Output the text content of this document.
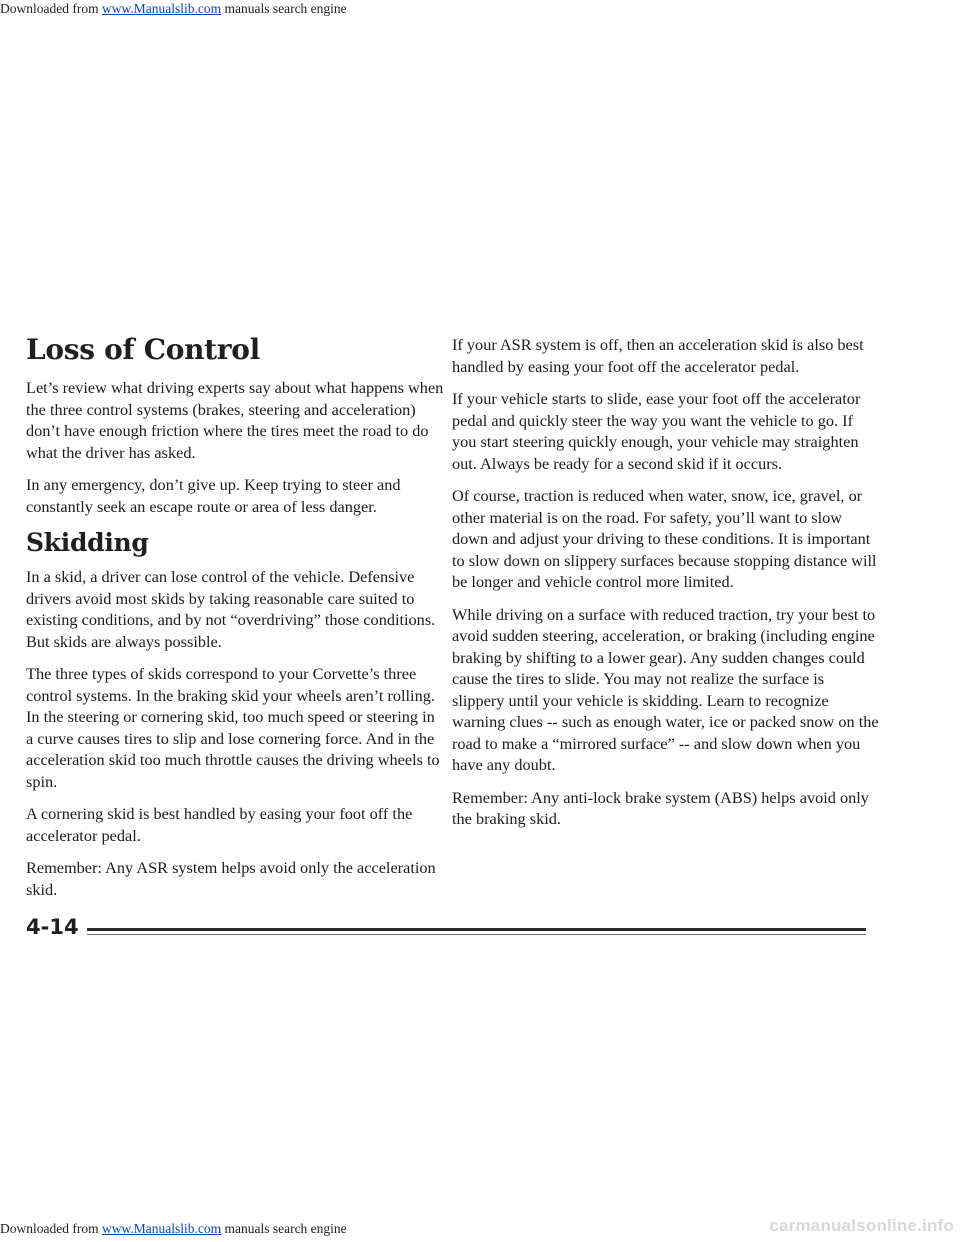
Downloaded from www.Manualslib.com manuals search engine
Loss of Control

Let’s review what driving experts say about what happens when the three control systems (brakes, steering and acceleration) don’t have enough friction where the tires meet the road to do what the driver has asked.

In any emergency, don’t give up. Keep trying to steer and constantly seek an escape route or area of less danger.

Skidding

In a skid, a driver can lose control of the vehicle. Defensive drivers avoid most skids by taking reasonable care suited to existing conditions, and by not “overdriving” those conditions. But skids are always possible.

The three types of skids correspond to your Corvette’s three control systems. In the braking skid your wheels aren’t rolling. In the steering or cornering skid, too much speed or steering in a curve causes tires to slip and lose cornering force. And in the acceleration skid too much throttle causes the driving wheels to spin.

A cornering skid is best handled by easing your foot off the accelerator pedal.

Remember: Any ASR system helps avoid only the acceleration skid.

If your ASR system is off, then an acceleration skid is also best handled by easing your foot off the accelerator pedal.

If your vehicle starts to slide, ease your foot off the accelerator pedal and quickly steer the way you want the vehicle to go. If you start steering quickly enough, your vehicle may straighten out. Always be ready for a second skid if it occurs.

Of course, traction is reduced when water, snow, ice, gravel, or other material is on the road. For safety, you’ll want to slow down and adjust your driving to these conditions. It is important to slow down on slippery surfaces because stopping distance will be longer and vehicle control more limited.

While driving on a surface with reduced traction, try your best to avoid sudden steering, acceleration, or braking (including engine braking by shifting to a lower gear). Any sudden changes could cause the tires to slide. You may not realize the surface is slippery until your vehicle is skidding. Learn to recognize warning clues -- such as enough water, ice or packed snow on the road to make a “mirrored surface” -- and slow down when you have any doubt.

Remember: Any anti-lock brake system (ABS) helps avoid only the braking skid.

4-14
Downloaded from www.Manualslib.com manuals search engine	carmanualsonline.info
